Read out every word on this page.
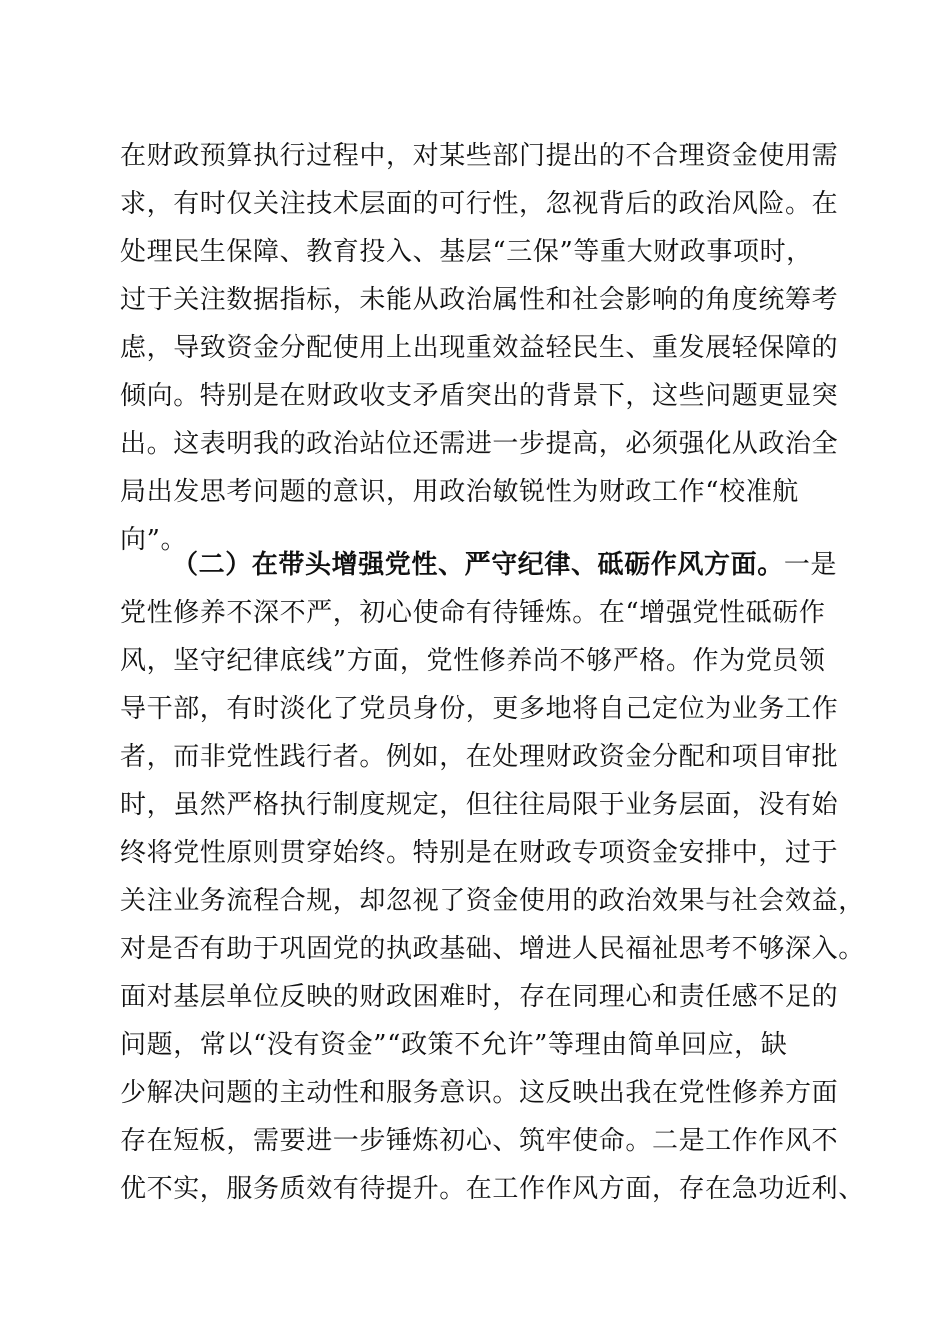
在财政预算执行过程中，对某些部门提出的不合理资金使用需
求，有时仅关注技术层面的可行性，忽视背后的政治风险。在
处理民生保障、教育投入、基层“三保”等重大财政事项时，
过于关注数据指标，未能从政治属性和社会影响的角度统筹考
虑，导致资金分配使用上出现重效益轻民生、重发展轻保障的
倾向。特别是在财政收支矛盾突出的背景下，这些问题更显突
出。这表明我的政治站位还需进一步提高，必须强化从政治全
局出发思考问题的意识，用政治敏锐性为财政工作“校准航
向”。
（二）在带头增强党性、严守纪律、砥砺作风方面。一是
党性修养不深不严，初心使命有待锤炼。在“增强党性砥砺作
风，坚守纪律底线”方面，党性修养尚不够严格。作为党员领
导干部，有时淡化了党员身份，更多地将自己定位为业务工作
者，而非党性践行者。例如，在处理财政资金分配和项目审批
时，虽然严格执行制度规定，但往往局限于业务层面，没有始
终将党性原则贯穿始终。特别是在财政专项资金安排中，过于
关注业务流程合规，却忽视了资金使用的政治效果与社会效益，
对是否有助于巩固党的执政基础、增进人民福祉思考不够深入。
面对基层单位反映的财政困难时，存在同理心和责任感不足的
问题，常以“没有资金”“政策不允许”等理由简单回应，缺
少解决问题的主动性和服务意识。这反映出我在党性修养方面
存在短板，需要进一步锤炼初心、筑牢使命。二是工作作风不
优不实，服务质效有待提升。在工作作风方面，存在急功近利、
